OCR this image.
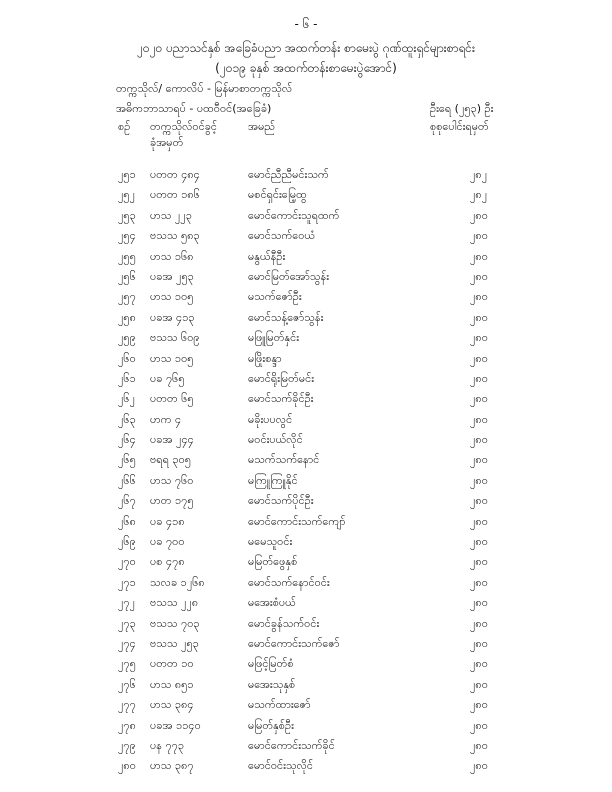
- ၆ -
၂၀၂၀ ပညာသင်နှစ် အခြေခံပညာ အထက်တန်း စာမေးပွဲ ဂုဏ်ထူးရှင်များစာရင်း
(၂၀၁၉ ခုနှစ် အထက်တန်းစာမေးပွဲအောင်)
တက္ကသိုလ်/ ကောလိပ် - မြန်မာစာတက္ကသိုလ်
အဓိကဘာသာရပ် - ပထဝီဝင်(အခြေခံ)	ဦးရေ (၂၅၃) ဦး
စဉ် တက္ကသိုလ်ဝင်ခွင့်
ခုံအမှတ်
အမည်	စုစုပေါင်းရမှတ်
၂၅၁ ပတတ ၄၈၄	မောင်ညီညီမင်းသက်	၂၈၂
၂၅၂ ပတတ ၁၈၆	မစင်ရှင်းမြေ့ထွ	၂၈၂
၂၅၃ ဟသ ၂၂၃	မောင်ကောင်းသူရထက်	၂၈၀
၂၅၄ ဗသသ ၅၈၃	မောင်သက်ဝေယံ	၂၈၀
၂၅၅ ဟသ ၁၆၈	မနွယ်နီဦး	၂၈၀
၂၅၆ ပခအ ၂၅၃	မောင်မြတ်အော်သွန်း	၂၈၀
၂၅၇ ဟသ ၁၀၅	မသက်ဇော်ဦး	၂၈၀
၂၅၈ ပခအ ၄၁၃	မောင်သန့်ဇော်သွန်း	၂၈၀
၂၅၉ ဗသသ ၆၀၉	မဖြူမြတ်နှင်း	၂၈၀
၂၆၀ ဟသ ၁၀၅	မဖြိုးစန္ဒာ	၂၈၀
၂၆၁ ပခ ၇၆၅	မောင်ရိုးမြတ်မင်း	၂၈၀
၂၆၂ ပတတ ၆၅	မောင်သက်ခိုင်ဦး	၂၈၀
၂၆၃ ဟက ၄	မခိုးပပလွင်	၂၈၀
၂၆၄ ပခအ ၂၄၄	မဝင်းပယ်လိုင်	၂၈၀
၂၆၅ ဗရရ ၃၀၅	မသက်သက်နောင်	၂၈၀
၂၆၆ ဟသ ၇၆၀	မကြူကြူနိုင်	၂၈၀
၂၆၇ ဟတ ၁၇၅	မောင်သက်ပိုင်ဦး	၂၈၀
၂၆၈ ပခ ၄၁၈	မောင်ကောင်းသက်ကျော်	၂၈၀
၂၆၉ ပခ ၇၀၀	မမေသူဝင်း	၂၈၀
၂၇၀ ပစ ၄၇၈	မမြတ်ဖွေနှစ်	၂၈၀
၂၇၁ သလခ ၁၂၆၈	မောင်သက်နောင်ဝင်း	၂၈၀
၂၇၂ ဗသသ ၂၂၈	မအေးစံပယ်	၂၈၀
၂၇၃ ဗသသ ၇၀၃	မောင်ခွန်သက်ဝင်း	၂၈၀
၂၇၄ ဗသသ ၂၅၃	မောင်ကောင်းသက်ဇော်	၂၈၀
၂၇၅ ပတတ ၁၀	မဖြင့်မြတ်စံ	၂၈၀
၂၇၆ ဟသ ၈၅၁	မအေးသုနှစ်	၂၈၀
၂၇၇ ဟသ ၃၈၄	မသက်ထားဇော်	၂၈၀
၂၇၈ ပခအ ၁၁၄၀	မမြတ်နှစ်ဦး	၂၈၀
၂၇၉ ပန ၇၇၃	မောင်ကောင်းသက်ခိုင်	၂၈၀
၂၈၀ ဟသ ၃၈၇	မောင်ဝင်းသုလိုင်	၂၈၀
